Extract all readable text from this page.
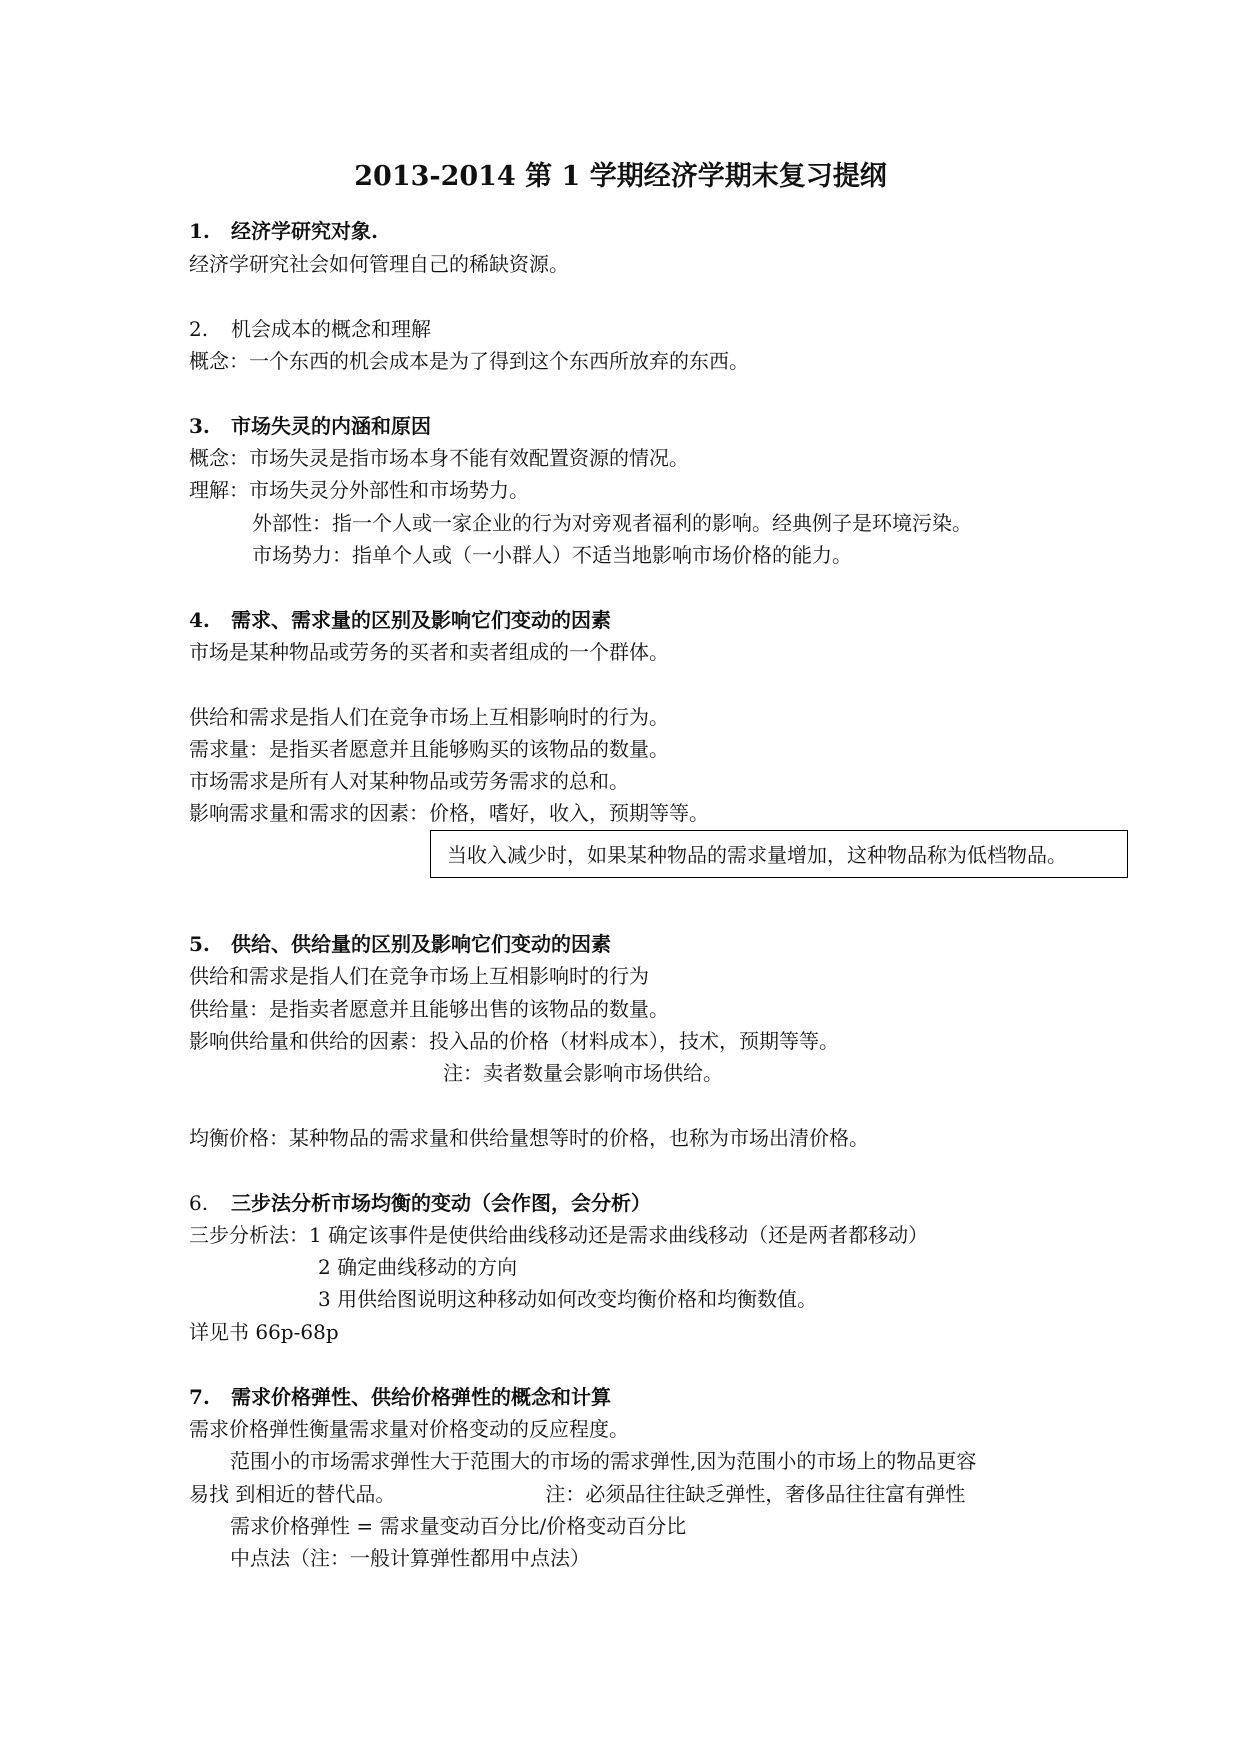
2013-2014 第 1 学期经济学期末复习提纲
1. 经济学研究对象.
经济学研究社会如何管理自己的稀缺资源。
2. 机会成本的概念和理解
概念：一个东西的机会成本是为了得到这个东西所放弃的东西。
3. 市场失灵的内涵和原因
概念：市场失灵是指市场本身不能有效配置资源的情况。
理解：市场失灵分外部性和市场势力。
外部性：指一个人或一家企业的行为对旁观者福利的影响。经典例子是环境污染。
市场势力：指单个人或（一小群人）不适当地影响市场价格的能力。
4. 需求、需求量的区别及影响它们变动的因素
市场是某种物品或劳务的买者和卖者组成的一个群体。
供给和需求是指人们在竞争市场上互相影响时的行为。
需求量：是指买者愿意并且能够购买的该物品的数量。
市场需求是所有人对某种物品或劳务需求的总和。
影响需求量和需求的因素：价格，嗜好，收入，预期等等。
当收入减少时，如果某种物品的需求量增加，这种物品称为低档物品。
5. 供给、供给量的区别及影响它们变动的因素
供给和需求是指人们在竞争市场上互相影响时的行为
供给量：是指卖者愿意并且能够出售的该物品的数量。
影响供给量和供给的因素：投入品的价格（材料成本），技术，预期等等。
注：卖者数量会影响市场供给。
均衡价格：某种物品的需求量和供给量想等时的价格，也称为市场出清价格。
6. 三步法分析市场均衡的变动（会作图，会分析）
三步分析法：1 确定该事件是使供给曲线移动还是需求曲线移动（还是两者都移动）
2 确定曲线移动的方向
3 用供给图说明这种移动如何改变均衡价格和均衡数值。
详见书 66p-68p
7. 需求价格弹性、供给价格弹性的概念和计算
需求价格弹性衡量需求量对价格变动的反应程度。
范围小的市场需求弹性大于范围大的市场的需求弹性,因为范围小的市场上的物品更容
易找 到相近的替代品。	注：必须品往往缺乏弹性，奢侈品往往富有弹性
需求价格弹性 = 需求量变动百分比/价格变动百分比
中点法（注：一般计算弹性都用中点法）
